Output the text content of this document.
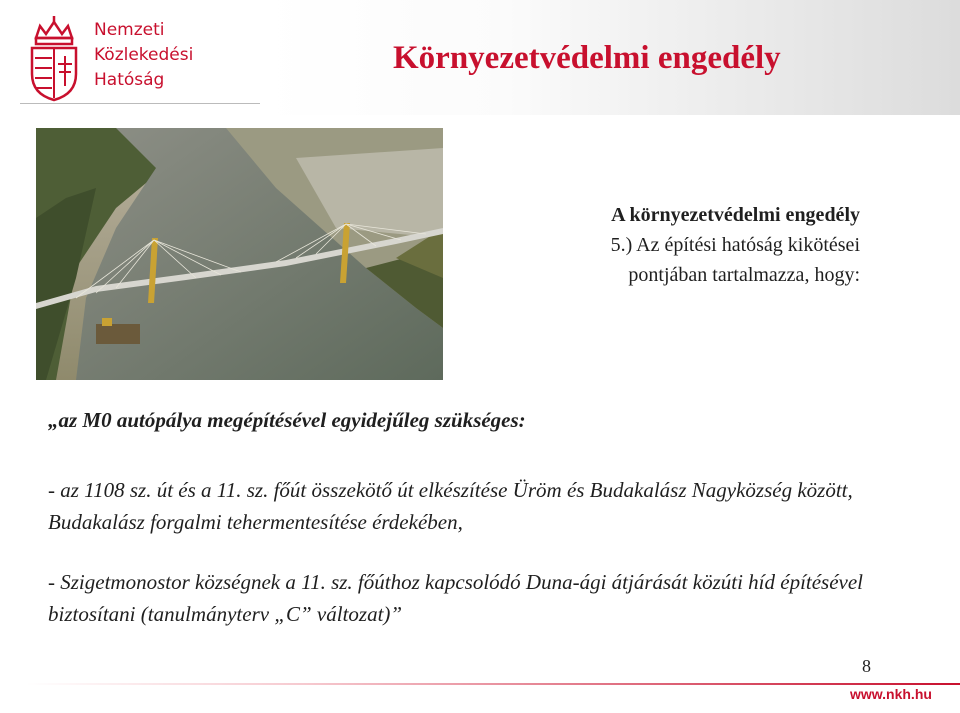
Nemzeti
Közlekedési
Hatóság
Környezetvédelmi engedély
A környezetvédelmi engedély
5.) Az építési hatóság kikötései
pontjában tartalmazza, hogy:
„az M0 autópálya megépítésével egyidejűleg szükséges:
- az 1108 sz. út és a 11. sz. főút összekötő út elkészítése Üröm és Budakalász Nagyközség között, Budakalász forgalmi tehermentesítése érdekében,
- Szigetmonostor községnek a 11. sz. főúthoz kapcsolódó Duna-ági átjárását közúti híd építésével biztosítani (tanulmányterv „C” változat)”
8
www.nkh.hu
